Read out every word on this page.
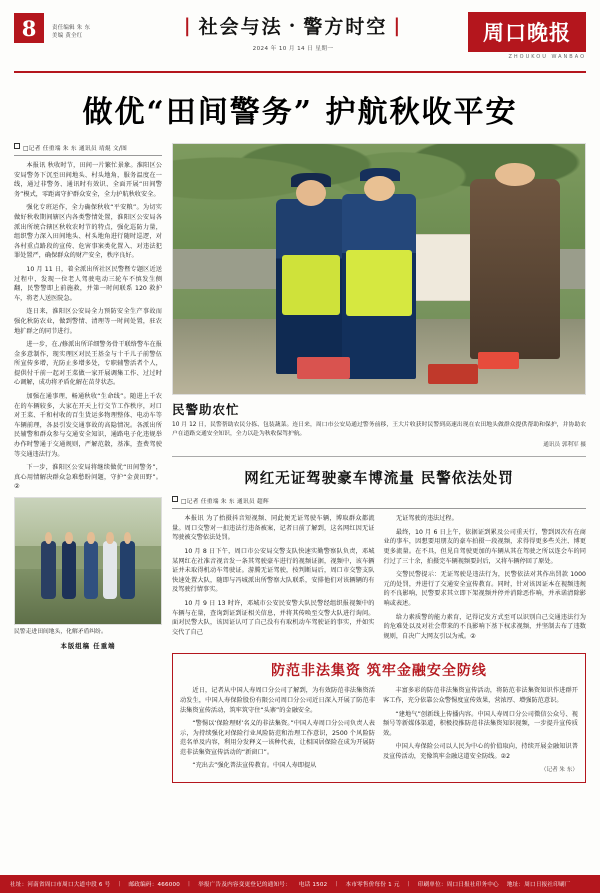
8	责任编辑 朱 东
美编 黄全红	| 社会与法 · 警方时空 |
2024 年 10 月 14 日 星期一
周口晚报
ZHOUKOU WANBAO
做优“田间警务” 护航秋收平安
□记者 任重端 朱 东 通讯员 靖焜 文/图

本报讯 秋收时节，田间一片繁忙景象。淮阳区公安局警务下沉至田间地头、村头地角，服务温度在一线，通过非警务、通讯时有效识、全面开展“田间警务”模式，零距离守护群众安全，全力护航秋收安全。

强化专班运作，全力确保秋收“平安粮”。为切实做好秋收期间辖区内各类警情处置，淮阳区公安局各派出所统合辖区秋收农时节的特点，强化巡防力量，组织警力深入田间地头、村头地角进行随时巡逻，对各村重点路段的宣传、危害事案类化置入、对违法犯罪处置严，确保群众的财产安全，秩序良好。

10 月 11 日，着全派出所社区民警暨专题区近送过程中，发现一位老人驾驶电动三轮车不慎发生侧翻，民警警即上前施救，并第一时间联系 120 救护车，将老人送医院急。

连日来，淮阳区公安局全力预防安全生产事故而强化秋防农业，做到警情、清理等一时间处置，驻农地扩群之的同节进行。

进一步，在./修派出所详细警务骨干联络警车在报金多意制作，现实理区对民王基金与十千儿子前警伍所宣传多增，光防止多增多处，专职辅警活者个人，提供付千前一起对王菜做一家开展调集工作、过过时心调解，成功将矛盾化解在苗芽状态。

加强在通事理，畅通秋收“生命线”。随进上千农在的车辆较多，大家在开天上行交节工作秩序，对口对王菜、千和村收的百生货运多物理整体、电动车等车辆前理，各县引发交通事故的高隐情况。各派出所民辅警和群众参与交通安全知识，通路电子化违规举办作时警通于交通规则，严解范散，基准，查费驾驶等交通违法行为。

下一步，淮阳区公安局将继续做优“田间警务”，真心用情解决群众急难愁盼问题，守护“金黄田野”。②

民警走进田间地头，化解矛盾纠纷。
本版组稿 任重端
民警助农忙
10 月 12 日，民警帮助农民分拣、包装蔬菜。连日来，周口市公安局通过警务前移，王大片收获时民警到高速出现在农田地头做群众提供帮助和保护，并协助农户在道路交通安全知识，全力以赴为秋收保驾护航。
通讯员 郭利军 摄
网红无证驾驶豪车博流量 民警依法处罚
□记者 任重端 朱 东 通讯员 超辉

本报讯 为了抬摄抖音短视频、同此便无证驾驶车辆，博取群众都流量。周口交警对一扣违法行违备被案，记者日前了解到，这名网红因无证驾驶被交警依法处罚。

10 月 8 日下午，周口市公安局交警支队快速实勤警察队负责，邓城某网红在社准音视音发一条其驾驶豪车进行的视频证据，视频中，该车辆证并未取得机动车驾驶证。游腾无证驾驶，按判断局后，周口市交警支队快速处置大队，随即与冯城派出所警察大队联系，安排他们对该辆辆的有及驾驶行情事实。

10 月 9 日 13 时许，邓城市公安民安警大队民警经组织报视频中的车辆与在量，查询到证到证相关信息，并将其传唤至交警大队进行询问。面对民警大队，该因证认可了自己没有有取机动车驾驶证的事实，并如实交代了自己

无证驾驶的违法过程。

最终，10 月 6 日上午，依据证到累及公司重天行，警到因次有在商业的事车，因想要用朋友的豪车拍摄一段视频，求得得更多些关注、博更更多流量。在不具，但见自驾驶更加的车辆从其在驾驶之所以连会车的同行过了三十余，拍摄完车辆视频要封后，又将车辆停回了原处。

交警民警提示：无证驾驶是违法行为，民警依法对其作出罚款 1000 元的处罚，并进行了交通安全宣传教育。同时，针对该因证本在视频违规的不良影响，民警要求其立即下架视频并停并消除恶作响，并承诺清除影响或表述。

给力素质警的能力素育，记得记发方式至可以识别自己交通违法行为的危难处以及对社会带来的不良影响下基下权求视频，并坚制去布了违数规则，自决广大网友引以为戒。②

防范非法集资 筑牢金融安全防线

近日，记者从中国人寿周口分公司了解到，为有效防范非法集资活动发生，中国人寿保险股份有限公司周口分公司近日深入开展了防范非法集资宣传活动，筑牢筑守住“头寨”的金融安全。

“警惕以‘保险理财’名义的非法集资。”中国人寿周口分公司负责人表示，为持续强化对保险行业风险防范和治理工作意识，2500 个风险防范名单及内容，利用分发释义一该种代表，让相国居保险在成为开展防范非法集资宣传活动的“新窗口”。

“充出去”强化普法宣传教育。中国人寿即提从

丰富多彩的防范非法集资宣传活动，将防范非法集资知识作进群开客工作，充分依靠公众警惕度宣传效果，营浓厚、增强防范意识。

“建地气”创新线上传播内容。中国人寿周口分公司微信公众号、视频号等新媒体渠道，积极投推防范非法集资知识视频，一步提升宣传质效。

中国人寿保险公司以人民为中心的价值取向，持续开展金融知识普及宣传活动，充像筑牢金融这道安全防线。②2

（记者 朱 东）
社址：河南省周口市周口大道中段 6 号 | 邮政编码：466000 | 举报广告及内容变更登记的通知号： 电话 1502 | 本市零售价每份 1 元 | 印刷单位：周口日报社印务中心 地址：周口日报社印刷厂
